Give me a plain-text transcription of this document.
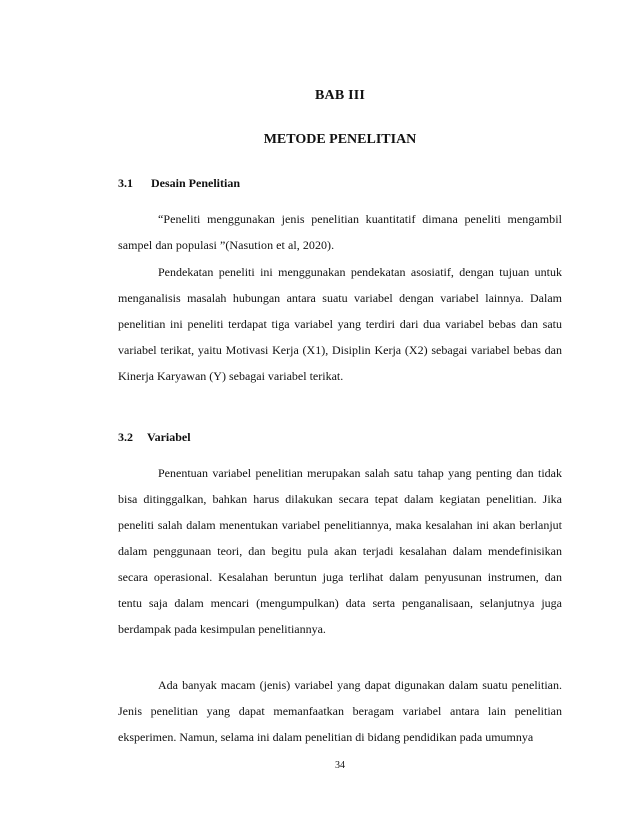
BAB III
METODE PENELITIAN
3.1 Desain Penelitian

“Peneliti menggunakan jenis penelitian kuantitatif dimana peneliti mengambil sampel dan populasi ”(Nasution et al, 2020).

Pendekatan peneliti ini menggunakan pendekatan asosiatif, dengan tujuan untuk menganalisis masalah hubungan antara suatu variabel dengan variabel lainnya. Dalam penelitian ini peneliti terdapat tiga variabel yang terdiri dari dua variabel bebas dan satu variabel terikat, yaitu Motivasi Kerja (X1), Disiplin Kerja (X2) sebagai variabel bebas dan Kinerja Karyawan (Y) sebagai variabel terikat.

3.2 Variabel

Penentuan variabel penelitian merupakan salah satu tahap yang penting dan tidak bisa ditinggalkan, bahkan harus dilakukan secara tepat dalam kegiatan penelitian. Jika peneliti salah dalam menentukan variabel penelitiannya, maka kesalahan ini akan berlanjut dalam penggunaan teori, dan begitu pula akan terjadi kesalahan dalam mendefinisikan secara operasional. Kesalahan beruntun juga terlihat dalam penyusunan instrumen, dan tentu saja dalam mencari (mengumpulkan) data serta penganalisaan, selanjutnya juga berdampak pada kesimpulan penelitiannya.

Ada banyak macam (jenis) variabel yang dapat digunakan dalam suatu penelitian. Jenis penelitian yang dapat memanfaatkan beragam variabel antara lain penelitian eksperimen. Namun, selama ini dalam penelitian di bidang pendidikan pada umumnya

34
